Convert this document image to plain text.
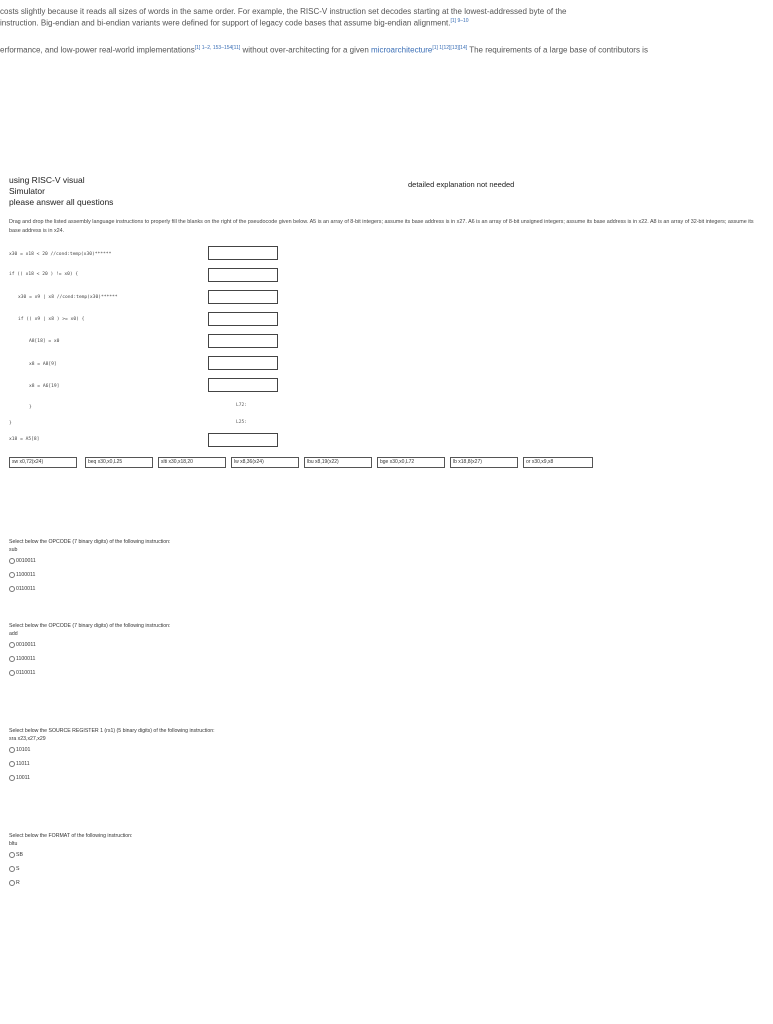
costs slightly because it reads all sizes of words in the same order. For example, the RISC-V instruction set decodes starting at the lowest-addressed byte of the
instruction. Big-endian and bi-endian variants were defined for support of legacy code bases that assume big-endian alignment.$^{[1] 9-10}$
erformance, and low-power real-world implementations[1] 1–2, 153–154[11] without over-architecting for a given microarchitecture[1] 1[12][13][14] The requirements of a large base of contributors is
using RISC-V visual
Simulator
please answer all questions
detailed explanation not needed
Drag and drop the listed assembly language instructions to properly fill the blanks on the right of the pseudocode given below. A5 is an array of 8-bit integers; assume its base address is in x27. A6 is an array of 8-bit unsigned integers; assume its base address is in x22. A8 is an array of 32-bit integers; assume its base address is in x24.
x30 = x18 < 20 //cond:temp(x30)******
if (( x18 < 20 ) != x0) {
x30 = x9 | x8 //cond:temp(x30)******
if (( x9 | x8 ) >= x0) {
A8[18] = x0
x8 = A8[9]
x8 = A6[19]
}
}
x18 = A5[8]
L72:
L25:
sw x0,72(x24)	beq x30,x0,L25	slti x30,x18,20	lw x8,36(x24)	lbu x8,19(x22)	bge x30,x0,L72	lb x18,8(x27)	or x30,x9,x8
Select below the OPCODE (7 binary digits) of the following instruction:
sub
0010011
1100011
0110011
Select below the OPCODE (7 binary digits) of the following instruction:
add
0010011
1100011
0110011
Select below the SOURCE REGISTER 1 (rs1) (5 binary digits) of the following instruction:
sra x23,x27,x29
10101
11011
10011
Select below the FORMAT of the following instruction:
bltu
SB
S
R
